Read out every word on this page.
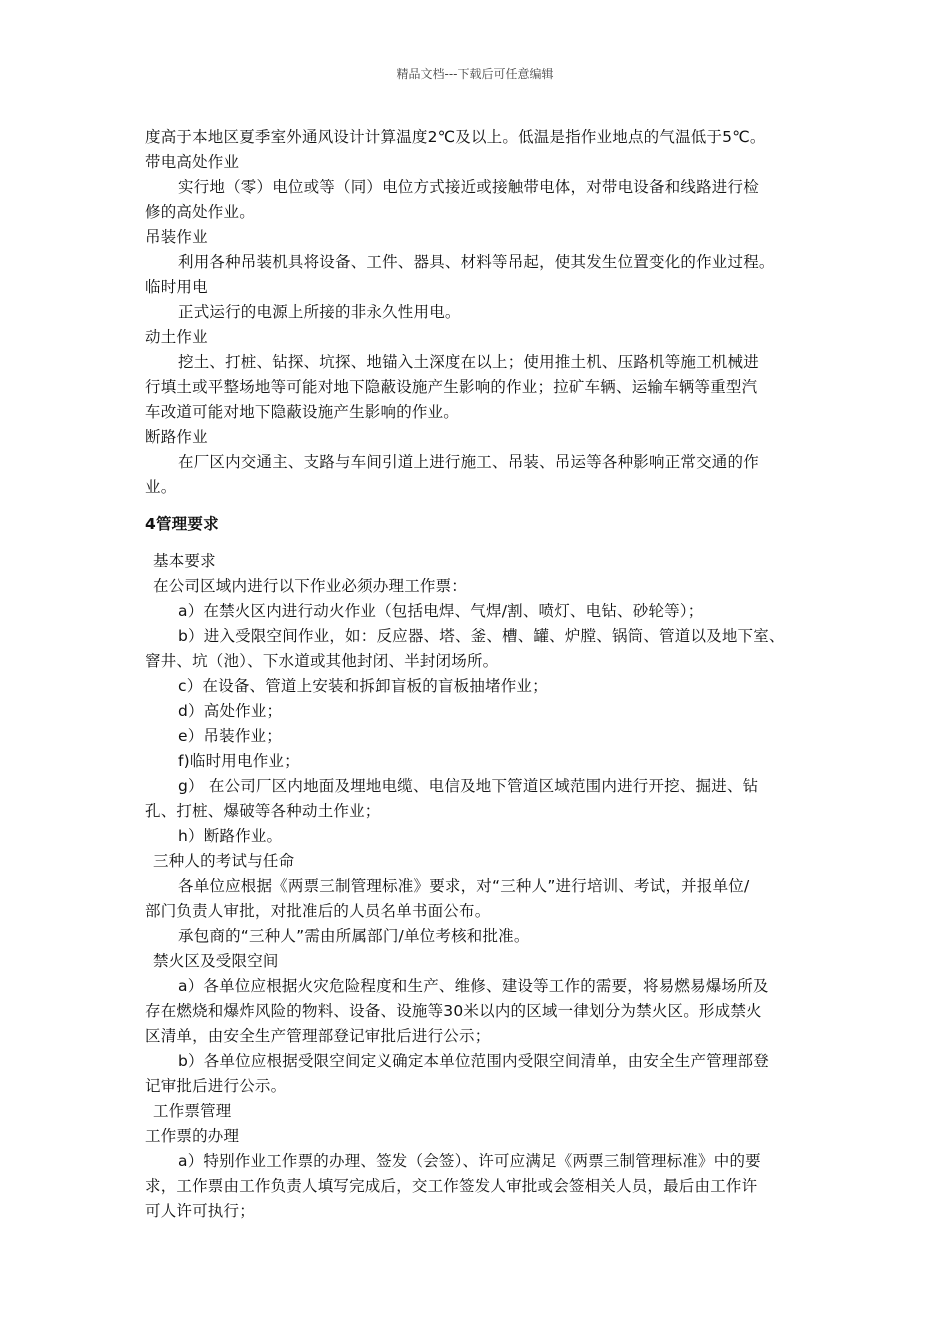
精品文档---下载后可任意编辑
度高于本地区夏季室外通风设计计算温度2℃及以上。低温是指作业地点的气温低于5℃。
带电高处作业
实行地（零）电位或等（同）电位方式接近或接触带电体，对带电设备和线路进行检
修的高处作业。
吊装作业
利用各种吊装机具将设备、工件、器具、材料等吊起，使其发生位置变化的作业过程。
临时用电
正式运行的电源上所接的非永久性用电。
动土作业
挖土、打桩、钻探、坑探、地锚入土深度在以上；使用推土机、压路机等施工机械进
行填土或平整场地等可能对地下隐蔽设施产生影响的作业；拉矿车辆、运输车辆等重型汽
车改道可能对地下隐蔽设施产生影响的作业。
断路作业
在厂区内交通主、支路与车间引道上进行施工、吊装、吊运等各种影响正常交通的作
业。
4管理要求
基本要求
在公司区域内进行以下作业必须办理工作票：
a）在禁火区内进行动火作业（包括电焊、气焊/割、喷灯、电钻、砂轮等）；
b）进入受限空间作业，如：反应器、塔、釜、槽、罐、炉膛、锅筒、管道以及地下室、
窨井、坑（池）、下水道或其他封闭、半封闭场所。
c）在设备、管道上安装和拆卸盲板的盲板抽堵作业；
d）高处作业；
e）吊装作业；
f)临时用电作业；
g） 在公司厂区内地面及埋地电缆、电信及地下管道区域范围内进行开挖、掘进、钻
孔、打桩、爆破等各种动土作业；
h）断路作业。
三种人的考试与任命
各单位应根据《两票三制管理标准》要求，对“三种人”进行培训、考试，并报单位/
部门负责人审批，对批准后的人员名单书面公布。
承包商的“三种人”需由所属部门/单位考核和批准。
禁火区及受限空间
a）各单位应根据火灾危险程度和生产、维修、建设等工作的需要，将易燃易爆场所及
存在燃烧和爆炸风险的物料、设备、设施等30米以内的区域一律划分为禁火区。形成禁火
区清单，由安全生产管理部登记审批后进行公示；
b）各单位应根据受限空间定义确定本单位范围内受限空间清单，由安全生产管理部登
记审批后进行公示。
工作票管理
工作票的办理
a）特别作业工作票的办理、签发（会签）、许可应满足《两票三制管理标准》中的要
求，工作票由工作负责人填写完成后，交工作签发人审批或会签相关人员，最后由工作许
可人许可执行；
